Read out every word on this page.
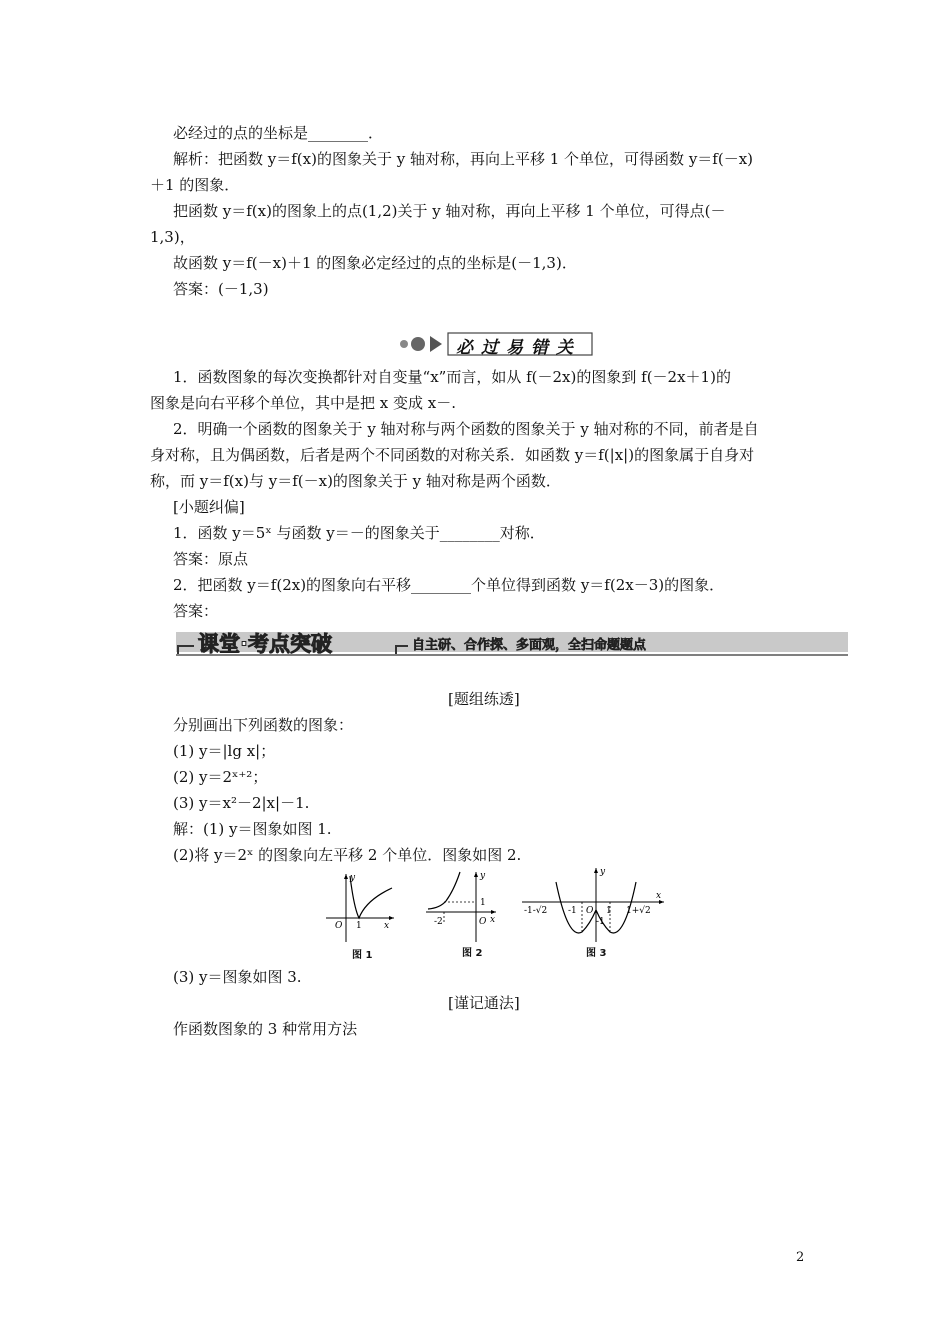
必经过的点的坐标是________．
解析：把函数 y＝f(x)的图象关于 y 轴对称，再向上平移 1 个单位，可得函数 y＝f(－x)
＋1 的图象．
把函数 y＝f(x)的图象上的点(1,2)关于 y 轴对称，再向上平移 1 个单位，可得点(－
1,3)，
故函数 y＝f(－x)＋1 的图象必定经过的点的坐标是(－1,3)．
答案：(－1,3)
必过易错关
1．函数图象的每次变换都针对自变量“x”而言，如从 f(－2x)的图象到 f(－2x＋1)的
图象是向右平移个单位，其中是把 x 变成 x－.
2．明确一个函数的图象关于 y 轴对称与两个函数的图象关于 y 轴对称的不同，前者是自
身对称，且为偶函数，后者是两个不同函数的对称关系．如函数 y＝f(|x|)的图象属于自身对
称，而 y＝f(x)与 y＝f(－x)的图象关于 y 轴对称是两个函数．
[小题纠偏]
1．函数 y＝5ˣ 与函数 y＝－的图象关于________对称．
答案：原点
2．把函数 y＝f(2x)的图象向右平移________个单位得到函数 y＝f(2x－3)的图象．
答案：
课堂·考点突破	自主研、合作探、多面观，全扫命题题点
[题组练透]
分别画出下列函数的图象：
(1) y＝|lg x|；
(2) y＝2ˣ⁺²；
(3) y＝x²－2|x|－1.
解：(1) y＝图象如图 1.
(2)将 y＝2ˣ 的图象向左平移 2 个单位．图象如图 2.
y
x
O 1
图 1
y
x
O
1
-2
图 2
y
x
O
-1-√2 -1	1
-1
1+√2
图 3
(3) y＝图象如图 3.
[谨记通法]
作函数图象的 3 种常用方法
2
